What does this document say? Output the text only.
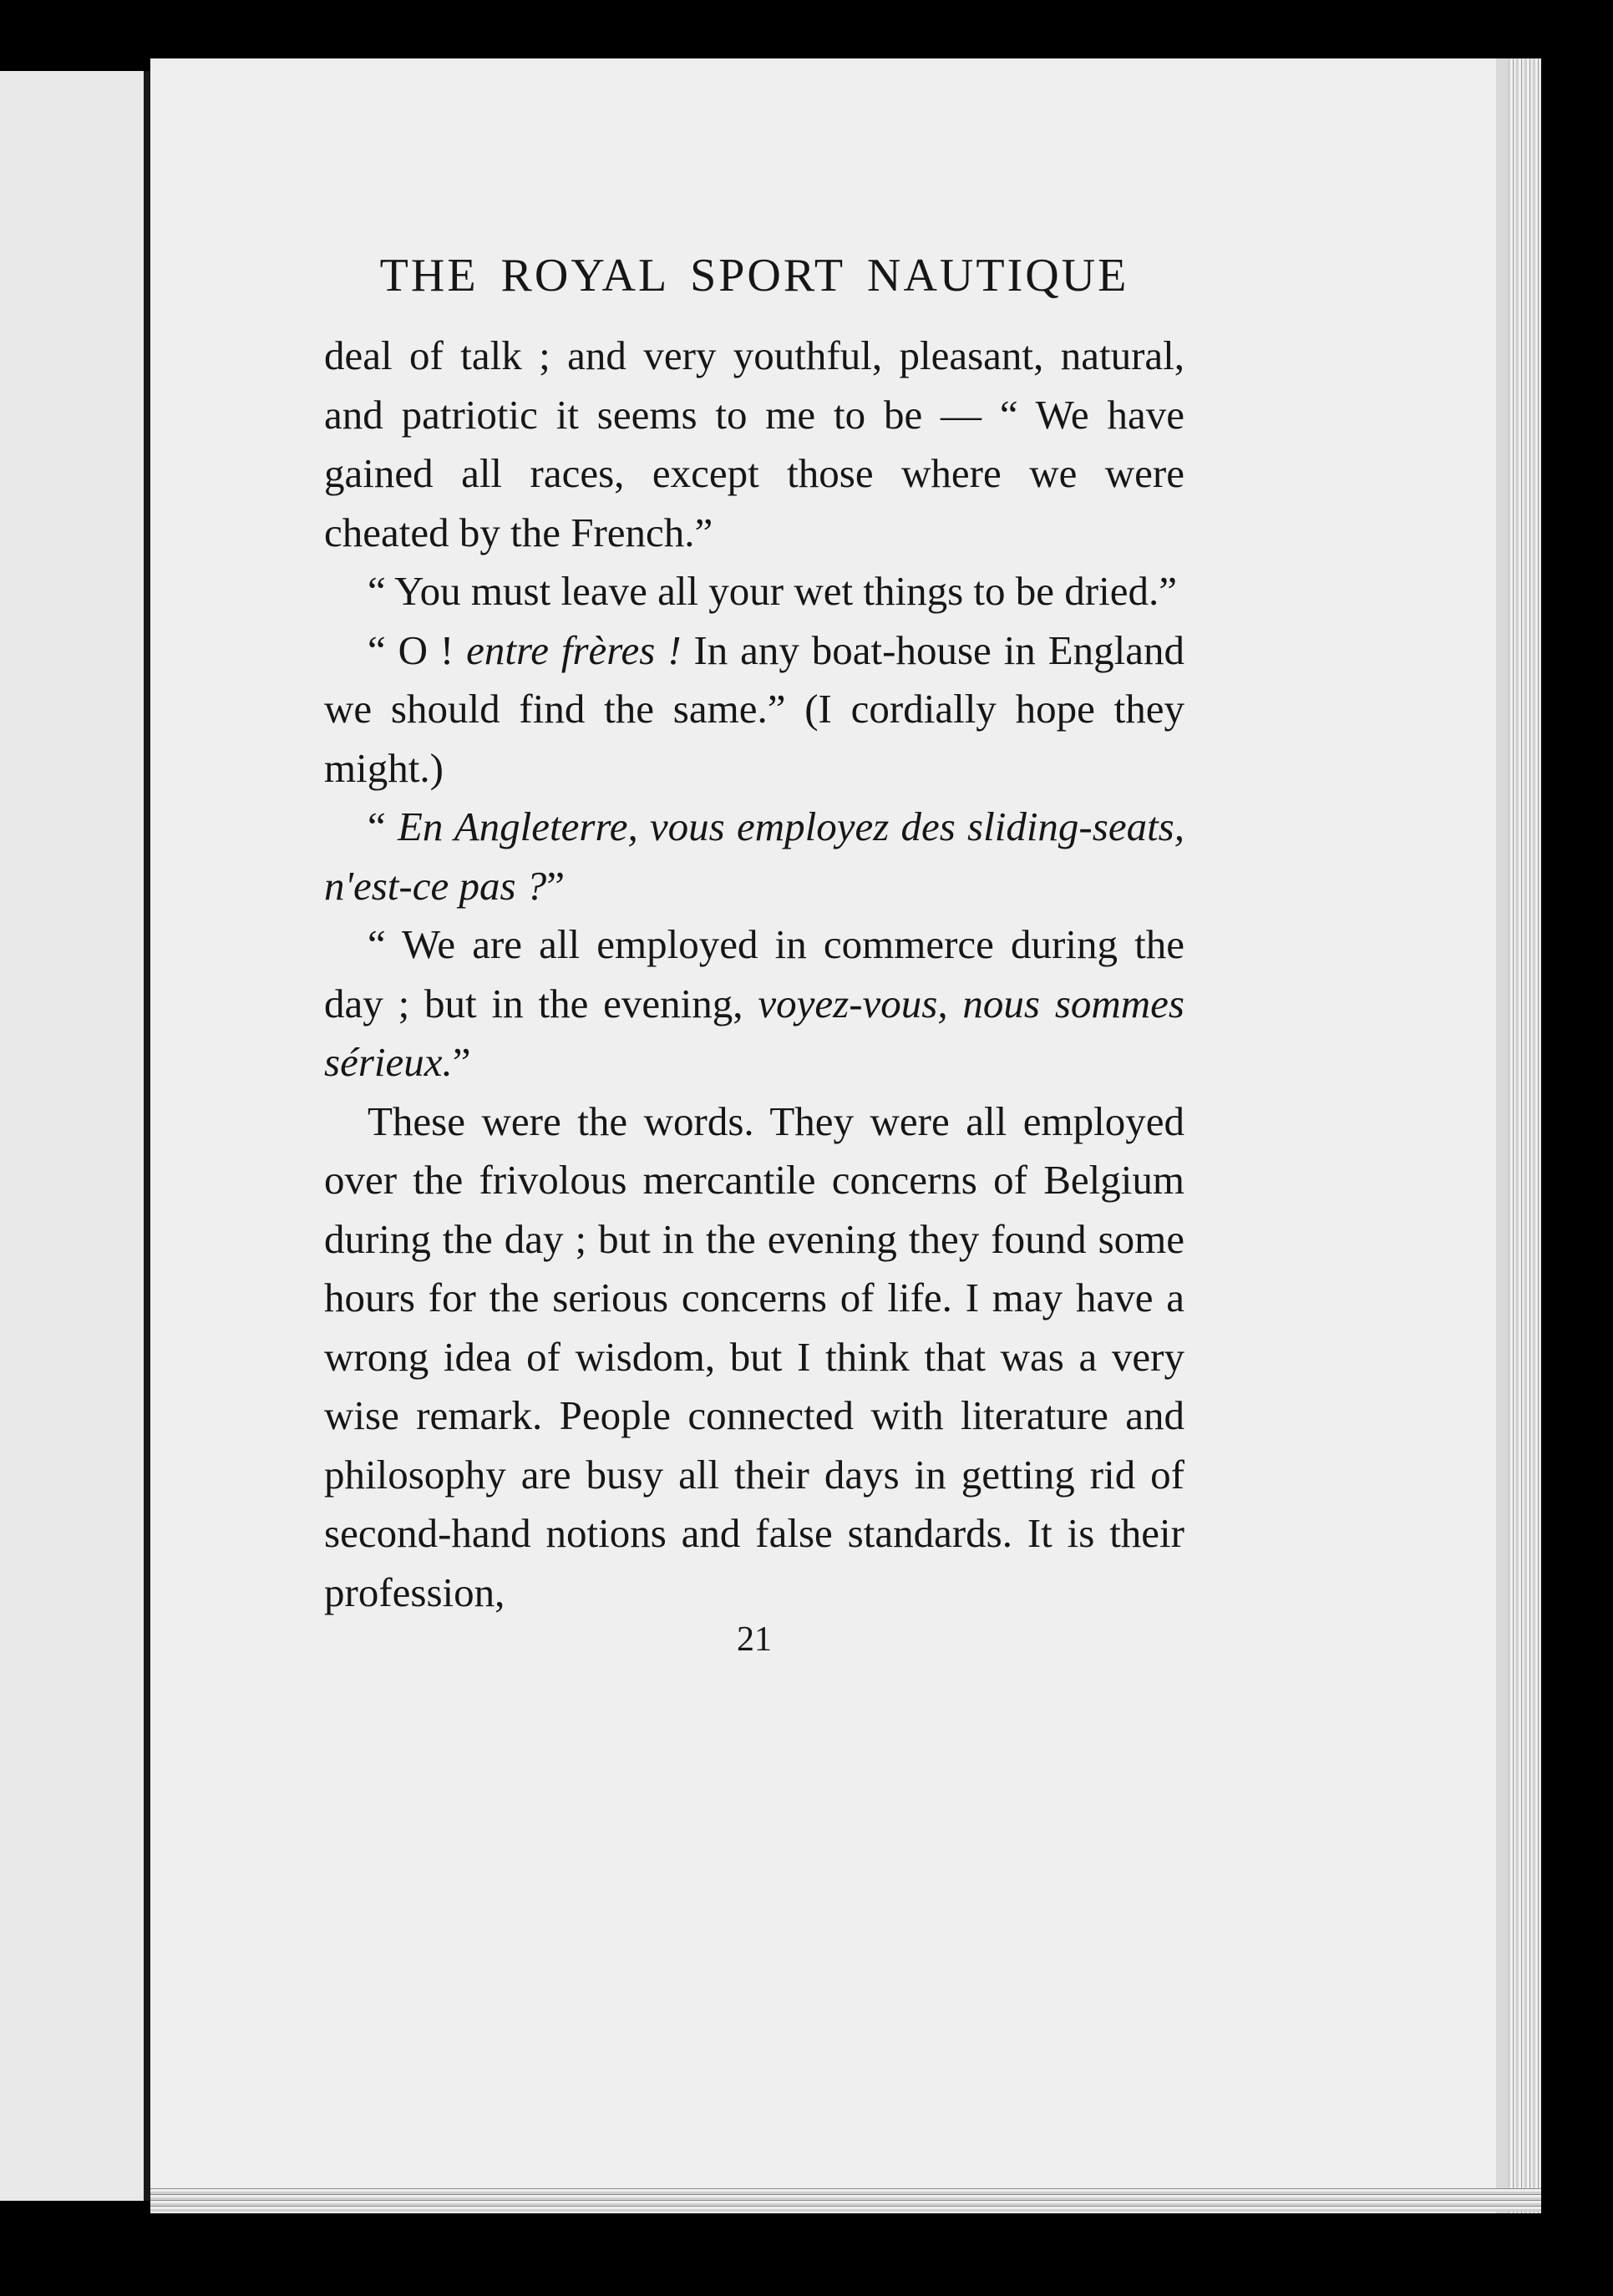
THE ROYAL SPORT NAUTIQUE

deal of talk ; and very youthful, pleasant, natural, and patriotic it seems to me to be — “ We have gained all races, except those where we were cheated by the French.”

“ You must leave all your wet things to be dried.”

“ O ! entre frères ! In any boat-house in England we should find the same.” (I cordially hope they might.)

“ En Angleterre, vous employez des sliding-seats, n'est-ce pas ?”

“ We are all employed in commerce during the day ; but in the evening, voyez-vous, nous sommes sérieux.”

These were the words. They were all employed over the frivolous mercantile concerns of Belgium during the day ; but in the evening they found some hours for the serious concerns of life. I may have a wrong idea of wisdom, but I think that was a very wise remark. People connected with literature and philosophy are busy all their days in getting rid of second-hand notions and false standards. It is their profession,

21
